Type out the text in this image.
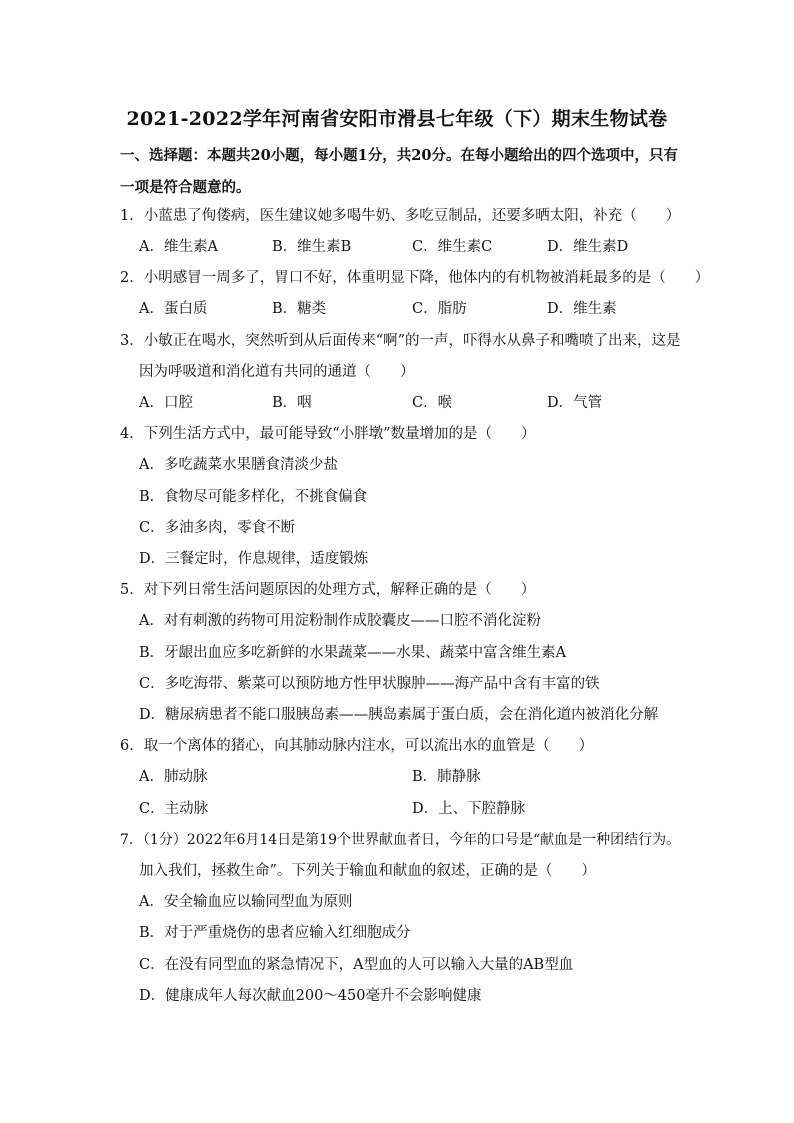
2021-2022学年河南省安阳市滑县七年级（下）期末生物试卷
一、选择题：本题共20小题，每小题1分，共20分。在每小题给出的四个选项中，只有
一项是符合题意的。
1．小蓝患了佝偻病，医生建议她多喝牛奶、多吃豆制品，还要多晒太阳，补充（　　）
A．维生素A	B．维生素B	C．维生素C	D．维生素D
2．小明感冒一周多了，胃口不好，体重明显下降，他体内的有机物被消耗最多的是（　　）
A．蛋白质	B．糖类	C．脂肪	D．维生素
3．小敏正在喝水，突然听到从后面传来“啊”的一声，吓得水从鼻子和嘴喷了出来，这是
因为呼吸道和消化道有共同的通道（　　）
A．口腔	B．咽	C．喉	D．气管
4．下列生活方式中，最可能导致“小胖墩”数量增加的是（　　）
A．多吃蔬菜水果膳食清淡少盐
B．食物尽可能多样化，不挑食偏食
C．多油多肉，零食不断
D．三餐定时，作息规律，适度锻炼
5．对下列日常生活问题原因的处理方式，解释正确的是（　　）
A．对有刺激的药物可用淀粉制作成胶囊皮——口腔不消化淀粉
B．牙龈出血应多吃新鲜的水果蔬菜——水果、蔬菜中富含维生素A
C．多吃海带、紫菜可以预防地方性甲状腺肿——海产品中含有丰富的铁
D．糖尿病患者不能口服胰岛素——胰岛素属于蛋白质，会在消化道内被消化分解
6．取一个离体的猪心，向其肺动脉内注水，可以流出水的血管是（　　）
A．肺动脉	B．肺静脉
C．主动脉	D．上、下腔静脉
7．（1分）2022年6月14日是第19个世界献血者日，今年的口号是“献血是一种团结行为。
加入我们，拯救生命”。下列关于输血和献血的叙述，正确的是（　　）
A．安全输血应以输同型血为原则
B．对于严重烧伤的患者应输入红细胞成分
C．在没有同型血的紧急情况下，A型血的人可以输入大量的AB型血
D．健康成年人每次献血200～450毫升不会影响健康
